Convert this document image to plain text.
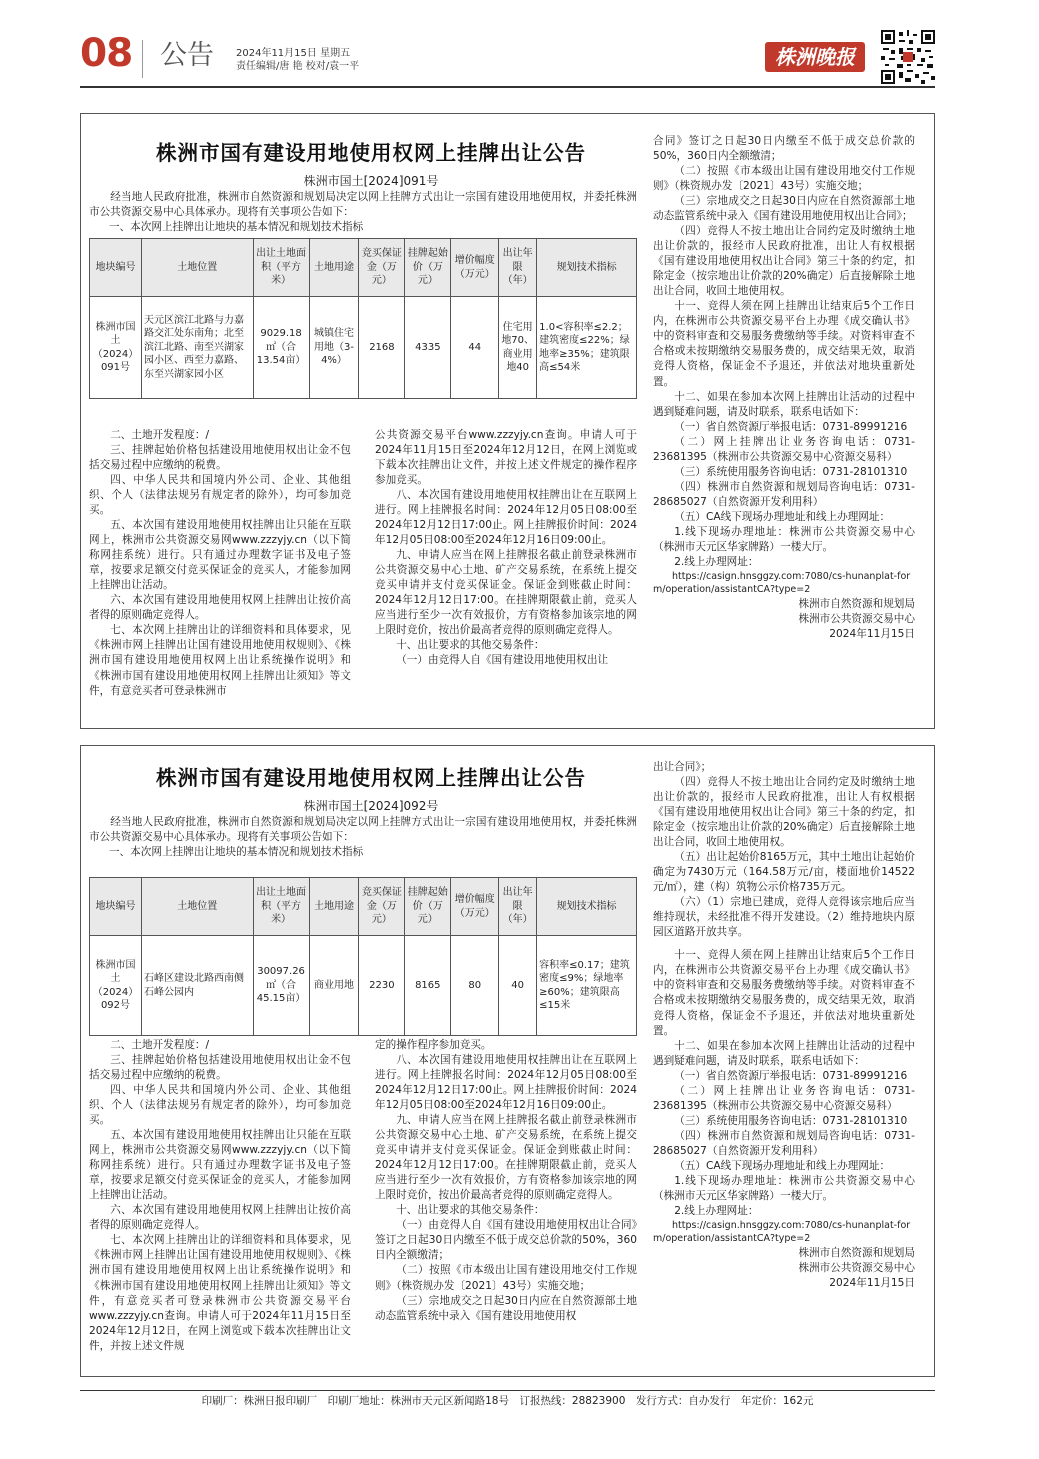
08 公告 2024年11月15日 星期五
责任编辑/唐 艳 校对/袁一平	株洲晚报
株洲市国有建设用地使用权网上挂牌出让公告
株洲市国土[2024]091号
经当地人民政府批准，株洲市自然资源和规划局决定以网上挂牌方式出让一宗国有建设用地使用权，并委托株洲市公共资源交易中心具体承办。现将有关事项公告如下：
一、本次网上挂牌出让地块的基本情况和规划技术指标
地块编号	土地位置	出让土地面积（平方米）	土地用途	竞买保证金（万元）	挂牌起始价（万元）	增价幅度（万元）	出让年限（年）	规划技术指标
株洲市国土（2024）091号	天元区滨江北路与力嘉路交汇处东南角；北至滨江北路、南至兴湖家园小区、西至力嘉路、东至兴湖家园小区	9029.18㎡（合13.54亩）	城镇住宅用地（3-4%）	2168	4335	44	住宅用地70、商业用地40	1.0<容积率≤2.2；建筑密度≤22%；绿地率≥35%；建筑限高≤54米

二、土地开发程度：/

三、挂牌起始价格包括建设用地使用权出让金不包括交易过程中应缴纳的税费。

四、中华人民共和国境内外公司、企业、其他组织、个人（法律法规另有规定者的除外），均可参加竞买。

五、本次国有建设用地使用权挂牌出让只能在互联网上，株洲市公共资源交易网www.zzzyjy.cn（以下简称网挂系统）进行。只有通过办理数字证书及电子签章，按要求足额交付竞买保证金的竞买人，才能参加网上挂牌出让活动。

六、本次国有建设用地使用权网上挂牌出让按价高者得的原则确定竞得人。

七、本次网上挂牌出让的详细资料和具体要求，见《株洲市网上挂牌出让国有建设用地使用权规则》、《株洲市国有建设用地使用权网上出让系统操作说明》和《株洲市国有建设用地使用权网上挂牌出让须知》等文件，有意竞买者可登录株洲市

公共资源交易平台www.zzzyjy.cn查询。申请人可于2024年11月15日至2024年12月12日，在网上浏览或下载本次挂牌出让文件，并按上述文件规定的操作程序参加竞买。

八、本次国有建设用地使用权挂牌出让在互联网上进行。网上挂牌报名时间：2024年12月05日08:00至2024年12月12日17:00止。网上挂牌报价时间：2024年12月05日08:00至2024年12月16日09:00止。

九、申请人应当在网上挂牌报名截止前登录株洲市公共资源交易中心土地、矿产交易系统，在系统上提交竞买申请并支付竞买保证金。保证金到账截止时间：2024年12月12日17:00。在挂牌期限截止前，竞买人应当进行至少一次有效报价，方有资格参加该宗地的网上限时竞价，按出价最高者竞得的原则确定竞得人。

十、出让要求的其他交易条件：

（一）由竞得人自《国有建设用地使用权出让

合同》签订之日起30日内缴至不低于成交总价款的50%，360日内全额缴清；

（二）按照《市本级出让国有建设用地交付工作规则》（株资规办发〔2021〕43号）实施交地；

（三）宗地成交之日起30日内应在自然资源部土地动态监管系统中录入《国有建设用地使用权出让合同》；

（四）竞得人不按土地出让合同约定及时缴纳土地出让价款的，报经市人民政府批准，出让人有权根据《国有建设用地使用权出让合同》第三十条的约定，扣除定金（按宗地出让价款的20%确定）后直接解除土地出让合同，收回土地使用权。

十一、竞得人须在网上挂牌出让结束后5个工作日内，在株洲市公共资源交易平台上办理《成交确认书》中的资料审查和交易服务费缴纳等手续。对资料审查不合格或未按期缴纳交易服务费的，成交结果无效，取消竞得人资格，保证金不予退还，并依法对地块重新处置。

十二、如果在参加本次网上挂牌出让活动的过程中遇到疑难问题，请及时联系，联系电话如下：

（一）省自然资源厅举报电话：0731-89991216

（二）网上挂牌出让业务咨询电话：0731-23681395（株洲市公共资源交易中心资源交易科）

（三）系统使用服务咨询电话：0731-28101310

（四）株洲市自然资源和规划局咨询电话：0731-28685027（自然资源开发利用科）

（五）CA线下现场办理地址和线上办理网址：

1.线下现场办理地址：株洲市公共资源交易中心（株洲市天元区华家牌路）一楼大厅。

2.线上办理网址：

https://casign.hnsggzy.com:7080/cs-hunanplat-form/operation/assistantCA?type=2

株洲市自然资源和规划局

株洲市公共资源交易中心

2024年11月15日

株洲市国有建设用地使用权网上挂牌出让公告
株洲市国土[2024]092号
经当地人民政府批准，株洲市自然资源和规划局决定以网上挂牌方式出让一宗国有建设用地使用权，并委托株洲市公共资源交易中心具体承办。现将有关事项公告如下：
一、本次网上挂牌出让地块的基本情况和规划技术指标
地块编号	土地位置	出让土地面积（平方米）	土地用途	竞买保证金（万元）	挂牌起始价（万元）	增价幅度（万元）	出让年限（年）	规划技术指标
株洲市国土（2024）092号	石峰区建设北路西南侧石峰公园内	30097.26㎡（合45.15亩）	商业用地	2230	8165	80	40	容积率≤0.17；建筑密度≤9%；绿地率≥60%；建筑限高≤15米

二、土地开发程度：/

三、挂牌起始价格包括建设用地使用权出让金不包括交易过程中应缴纳的税费。

四、中华人民共和国境内外公司、企业、其他组织、个人（法律法规另有规定者的除外），均可参加竞买。

五、本次国有建设用地使用权挂牌出让只能在互联网上，株洲市公共资源交易网www.zzzyjy.cn（以下简称网挂系统）进行。只有通过办理数字证书及电子签章，按要求足额交付竞买保证金的竞买人，才能参加网上挂牌出让活动。

六、本次国有建设用地使用权网上挂牌出让按价高者得的原则确定竞得人。

七、本次网上挂牌出让的详细资料和具体要求，见《株洲市网上挂牌出让国有建设用地使用权规则》、《株洲市国有建设用地使用权网上出让系统操作说明》和《株洲市国有建设用地使用权网上挂牌出让须知》等文件，有意竞买者可登录株洲市公共资源交易平台www.zzzyjy.cn查询。申请人可于2024年11月15日至2024年12月12日，在网上浏览或下载本次挂牌出让文件，并按上述文件规

定的操作程序参加竞买。

八、本次国有建设用地使用权挂牌出让在互联网上进行。网上挂牌报名时间：2024年12月05日08:00至2024年12月12日17:00止。网上挂牌报价时间：2024年12月05日08:00至2024年12月16日09:00止。

九、申请人应当在网上挂牌报名截止前登录株洲市公共资源交易中心土地、矿产交易系统，在系统上提交竞买申请并支付竞买保证金。保证金到账截止时间：2024年12月12日17:00。在挂牌期限截止前，竞买人应当进行至少一次有效报价，方有资格参加该宗地的网上限时竞价，按出价最高者竞得的原则确定竞得人。

十、出让要求的其他交易条件：

（一）由竞得人自《国有建设用地使用权出让合同》签订之日起30日内缴至不低于成交总价款的50%，360日内全额缴清；

（二）按照《市本级出让国有建设用地交付工作规则》（株资规办发〔2021〕43号）实施交地；

（三）宗地成交之日起30日内应在自然资源部土地动态监管系统中录入《国有建设用地使用权

出让合同》；

（四）竞得人不按土地出让合同约定及时缴纳土地出让价款的，报经市人民政府批准，出让人有权根据《国有建设用地使用权出让合同》第三十条的约定，扣除定金（按宗地出让价款的20%确定）后直接解除土地出让合同，收回土地使用权。

（五）出让起始价8165万元，其中土地出让起始价确定为7430万元（164.58万元/亩，楼面地价14522元/㎡），建（构）筑物公示价格735万元。

（六）（1）宗地已建成，竞得人竞得该宗地后应当维持现状，未经批准不得开发建设。（2）维持地块内原园区道路开放共享。

十一、竞得人须在网上挂牌出让结束后5个工作日内，在株洲市公共资源交易平台上办理《成交确认书》中的资料审查和交易服务费缴纳等手续。对资料审查不合格或未按期缴纳交易服务费的，成交结果无效，取消竞得人资格，保证金不予退还，并依法对地块重新处置。

十二、如果在参加本次网上挂牌出让活动的过程中遇到疑难问题，请及时联系，联系电话如下：

（一）省自然资源厅举报电话：0731-89991216

（二）网上挂牌出让业务咨询电话：0731-23681395（株洲市公共资源交易中心资源交易科）

（三）系统使用服务咨询电话：0731-28101310

（四）株洲市自然资源和规划局咨询电话：0731-28685027（自然资源开发利用科）

（五）CA线下现场办理地址和线上办理网址：

1.线下现场办理地址：株洲市公共资源交易中心（株洲市天元区华家牌路）一楼大厅。

2.线上办理网址：

https://casign.hnsggzy.com:7080/cs-hunanplat-form/operation/assistantCA?type=2

株洲市自然资源和规划局

株洲市公共资源交易中心

2024年11月15日

印刷厂：株洲日报印刷厂　印刷厂地址：株洲市天元区新闻路18号　订报热线：28823900　发行方式：自办发行　年定价：162元
